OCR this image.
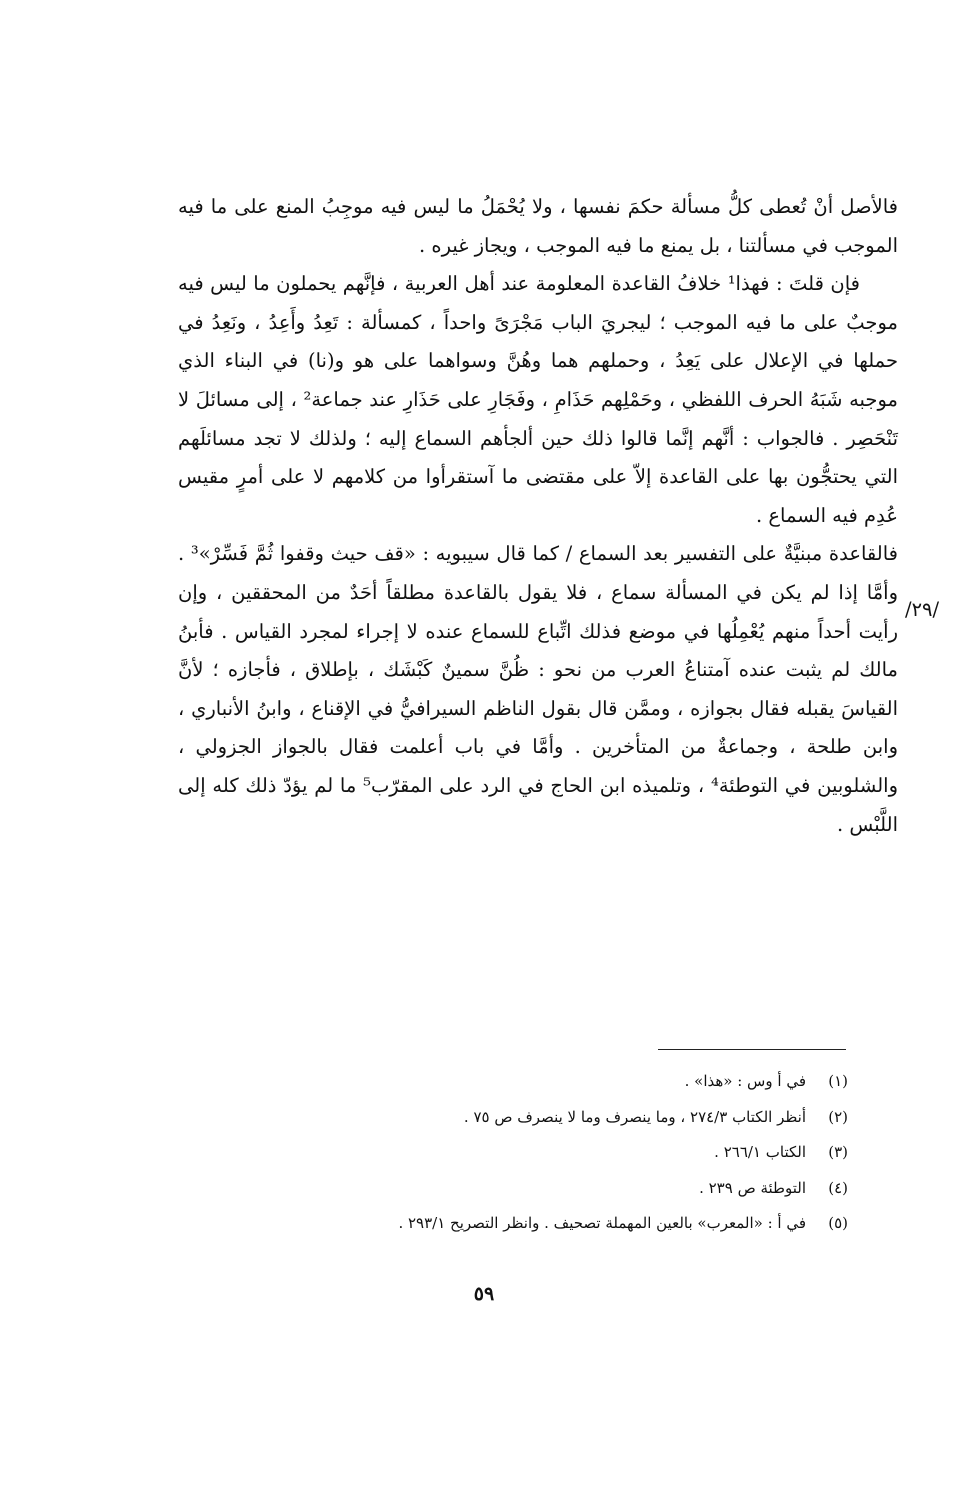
فالأصل أنْ تُعطى كلُّ مسألة حكمَ نفسها ، ولا يُحْمَلُ ما ليس فيه موجِبُ المنع على ما فيه الموجب في مسألتنا ، بل يمنع ما فيه الموجب ، ويجاز غيره .

فإن قلتَ : فهذا¹ خلافُ القاعدة المعلومة عند أهل العربية ، فإنَّهم يحملون ما ليس فيه موجبٌ على ما فيه الموجب ؛ ليجريَ الباب مَجْرَىً واحداً ، كمسألة : تَعِدُ وأَعِدُ ، ونَعِدُ في حملها في الإعلال على يَعِدُ ، وحملهم هما وهُنَّ وسواهما على هو و(نا) في البناء الذي موجبه شَبَهُ الحرف اللفظي ، وحَمْلِهم حَذَامِ ، وفَجَارِ على حَذَارِ عند جماعة² ، إلى مسائلَ لا تَنْحَصِر . فالجواب : أنَّهم إنَّما قالوا ذلك حين ألجأهم السماع إليه ؛ ولذلك لا تجد مسائلَهم التي يحتجُّون بها على القاعدة إلاّ على مقتضى ما آستقرأوا من كلامهم لا على أمرٍ مقيس عُدِم فيه السماع .

فالقاعدة مبنيَّةٌ على التفسير بعد السماع / كما قال سيبويه : «قف حيث وقفوا ثُمَّ فَسِّرْ»³ . وأمَّا إذا لم يكن في المسألة سماع ، فلا يقول بالقاعدة مطلقاً أحَدٌ من المحققين ، وإن رأيت أحداً منهم يُعْمِلُها في موضع فذلك اتِّباع للسماع عنده لا إجراء لمجرد القياس . فأبنُ مالك لم يثبت عنده آمتناعُ العرب من نحو : ظُنَّ سمينٌ كَبْشَك ، بإطلاق ، فأجازه ؛ لأنَّ القياسَ يقبله فقال بجوازه ، وممَّن قال بقول الناظم السيرافيُّ في الإقناع ، وابنُ الأنباري ، وابن طلحة ، وجماعةٌ من المتأخرين . وأمَّا في باب أعلمت فقال بالجواز الجزولي ، والشلوبين في التوطئة⁴ ، وتلميذه ابن الحاج في الرد على المقرّب⁵ ما لم يؤدّ ذلك كله إلى اللَّبْس .

/٢٩/
(١)
في أ وس : «هذا» .
(٢)
أنظر الكتاب ٢٧٤/٣ ، وما ينصرف وما لا ينصرف ص ٧٥ .
(٣)
الكتاب ٢٦٦/١ .
(٤)
التوطئة ص ٢٣٩ .
(٥)
في أ : «المعرب» بالعين المهملة تصحيف . وانظر التصريح ٢٩٣/١ .
٥٩
